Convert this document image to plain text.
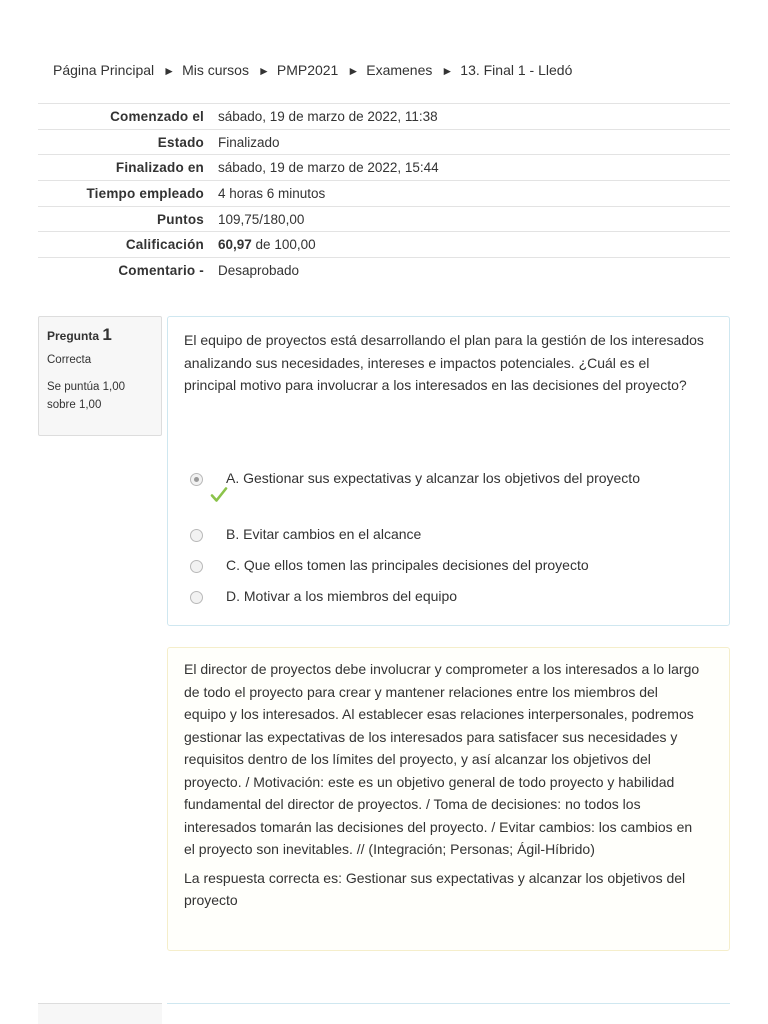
Página Principal ► Mis cursos ► PMP2021 ► Examenes ► 13. Final 1 - Lledó
Comenzado el	sábado, 19 de marzo de 2022, 11:38
Estado	Finalizado
Finalizado en	sábado, 19 de marzo de 2022, 15:44
Tiempo empleado	4 horas 6 minutos
Puntos	109,75/180,00
Calificación	60,97 de 100,00
Comentario -	Desaprobado
Pregunta 1
Correcta
Se puntúa 1,00
sobre 1,00
El equipo de proyectos está desarrollando el plan para la gestión de los interesados analizando sus necesidades, intereses e impactos potenciales. ¿Cuál es el principal motivo para involucrar a los interesados en las decisiones del proyecto?
A. Gestionar sus expectativas y alcanzar los objetivos del proyecto
B. Evitar cambios en el alcance
C. Que ellos tomen las principales decisiones del proyecto
D. Motivar a los miembros del equipo

El director de proyectos debe involucrar y comprometer a los interesados a lo largo de todo el proyecto para crear y mantener relaciones entre los miembros del equipo y los interesados. Al establecer esas relaciones interpersonales, podremos gestionar las expectativas de los interesados para satisfacer sus necesidades y requisitos dentro de los límites del proyecto, y así alcanzar los objetivos del proyecto. / Motivación: este es un objetivo general de todo proyecto y habilidad fundamental del director de proyectos. / Toma de decisiones: no todos los interesados tomarán las decisiones del proyecto. / Evitar cambios: los cambios en el proyecto son inevitables. // (Integración; Personas; Ágil-Híbrido)

La respuesta correcta es: Gestionar sus expectativas y alcanzar los objetivos del proyecto
